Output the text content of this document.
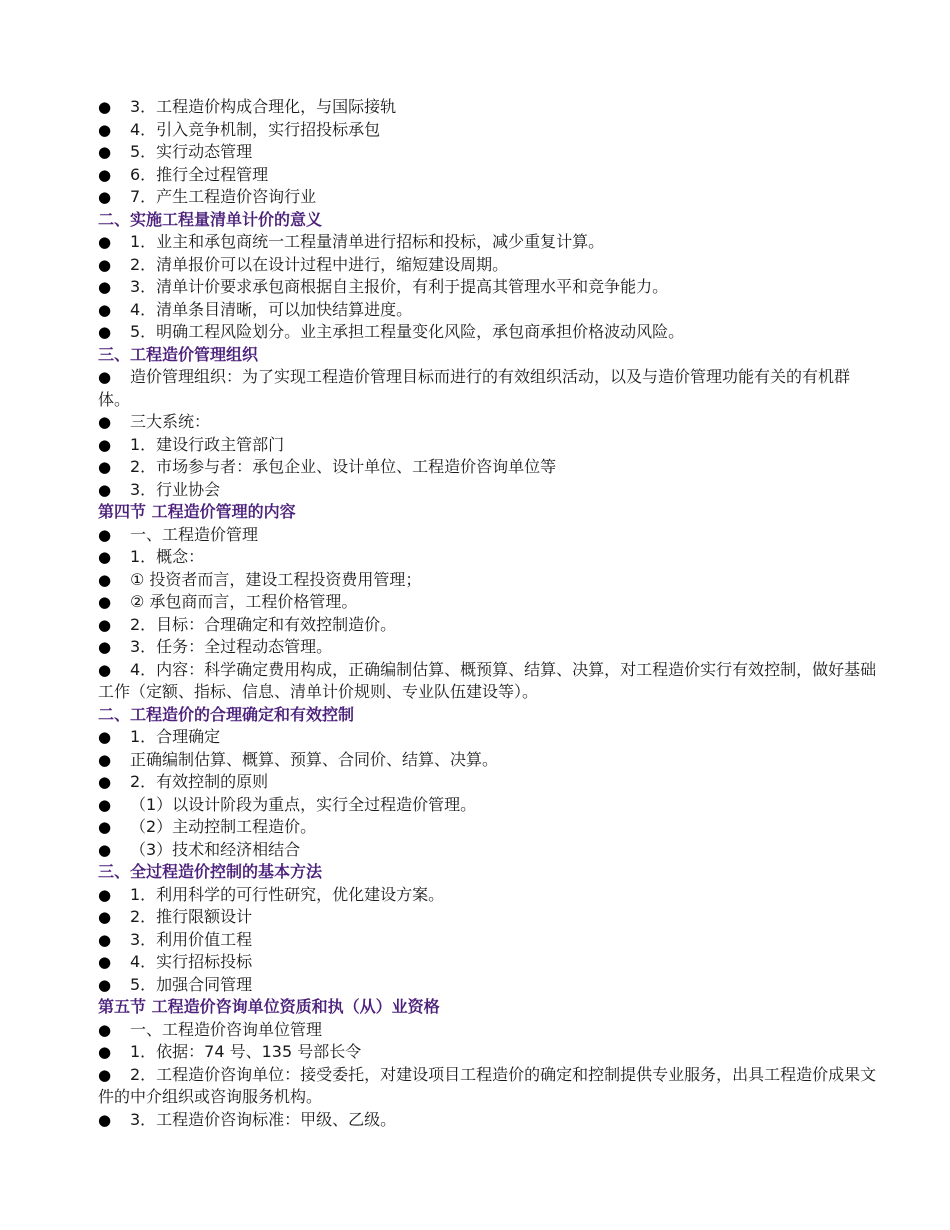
● 3．工程造价构成合理化，与国际接轨
● 4．引入竞争机制，实行招投标承包
● 5．实行动态管理
● 6．推行全过程管理
● 7．产生工程造价咨询行业
二、实施工程量清单计价的意义
● 1．业主和承包商统一工程量清单进行招标和投标，减少重复计算。
● 2．清单报价可以在设计过程中进行，缩短建设周期。
● 3．清单计价要求承包商根据自主报价，有利于提高其管理水平和竞争能力。
● 4．清单条目清晰，可以加快结算进度。
● 5．明确工程风险划分。业主承担工程量变化风险，承包商承担价格波动风险。
三、工程造价管理组织
● 造价管理组织：为了实现工程造价管理目标而进行的有效组织活动，以及与造价管理功能有关的有机群体。
● 三大系统：
● 1．建设行政主管部门
● 2．市场参与者：承包企业、设计单位、工程造价咨询单位等
● 3．行业协会
第四节 工程造价管理的内容
● 一、工程造价管理
● 1．概念：
● ① 投资者而言，建设工程投资费用管理；
● ② 承包商而言，工程价格管理。
● 2．目标：合理确定和有效控制造价。
● 3．任务：全过程动态管理。
● 4．内容：科学确定费用构成，正确编制估算、概预算、结算、决算，对工程造价实行有效控制，做好基础工作（定额、指标、信息、清单计价规则、专业队伍建设等）。
二、工程造价的合理确定和有效控制
● 1．合理确定
● 正确编制估算、概算、预算、合同价、结算、决算。
● 2．有效控制的原则
● （1）以设计阶段为重点，实行全过程造价管理。
● （2）主动控制工程造价。
● （3）技术和经济相结合
三、全过程造价控制的基本方法
● 1．利用科学的可行性研究，优化建设方案。
● 2．推行限额设计
● 3．利用价值工程
● 4．实行招标投标
● 5．加强合同管理
第五节 工程造价咨询单位资质和执（从）业资格
● 一、工程造价咨询单位管理
● 1．依据：74 号、135 号部长令
● 2．工程造价咨询单位：接受委托，对建设项目工程造价的确定和控制提供专业服务，出具工程造价成果文件的中介组织或咨询服务机构。
● 3．工程造价咨询标准：甲级、乙级。
